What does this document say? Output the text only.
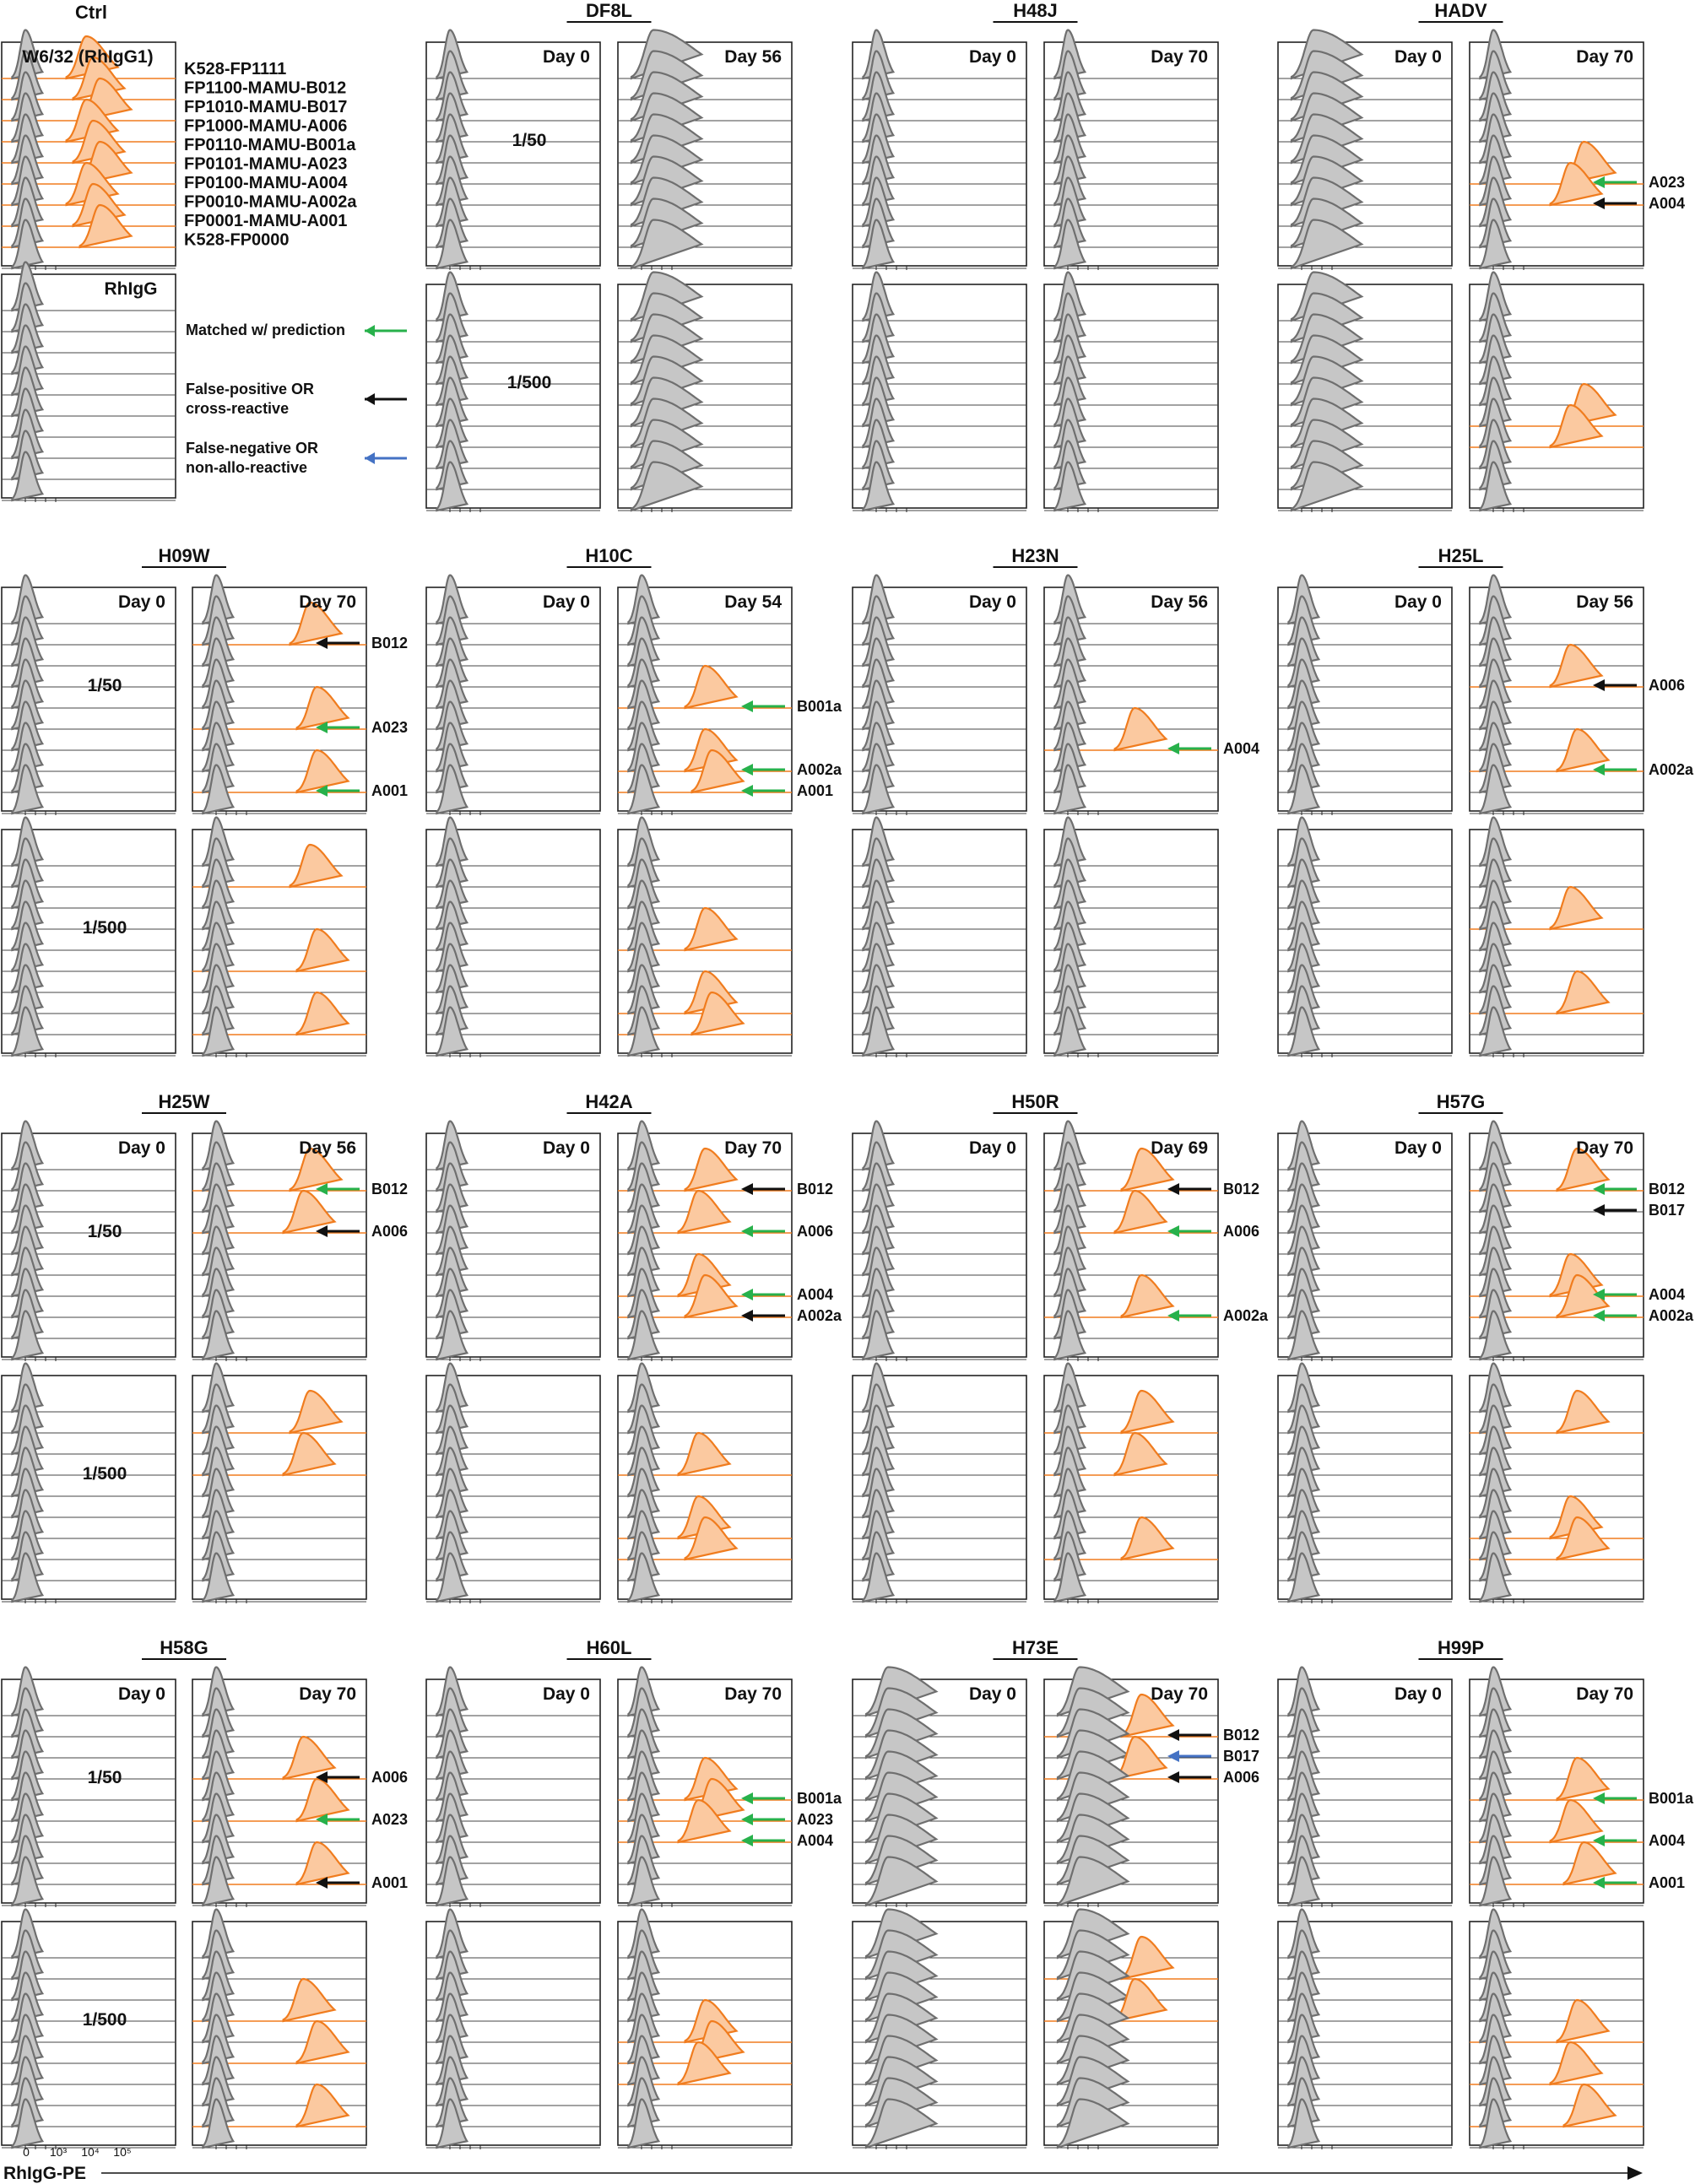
Ctrl
W6/32 (RhIgG1)
RhIgG
K528-FP1111
FP1100-MAMU-B012
FP1010-MAMU-B017
FP1000-MAMU-A006
FP0110-MAMU-B001a
FP0101-MAMU-A023
FP0100-MAMU-A004
FP0010-MAMU-A002a
FP0001-MAMU-A001
K528-FP0000
Matched w/ prediction
False-positive OR
cross-reactive
False-negative OR
non-allo-reactive
DF8L
Day 0	Day 56
1/50
1/500
H48J
Day 0	Day 70
HADV
Day 0	Day 70
A023
A004
H09W
Day 0	Day 70
1/50
1/500
B012
A023
A001
H10C
Day 0	Day 54
B001a
A002a
A001
H23N
Day 0	Day 56
A004
H25L
Day 0	Day 56
A006
A002a
H25W
Day 0	Day 56
1/50
1/500
B012
A006
H42A
Day 0	Day 70
B012
A006
A004
A002a
H50R
Day 0	Day 69
B012
A006
A002a
H57G
Day 0	Day 70
B012
B017
A004
A002a
H58G
Day 0	Day 70
1/50
1/500
A006
A023
A001
H60L
Day 0	Day 70
B001a
A023
A004
H73E
Day 0	Day 70
B012
B017
A006
H99P
Day 0	Day 70
B001a
A004
A001
0 10³ 10⁴ 10⁵
RhIgG-PE
